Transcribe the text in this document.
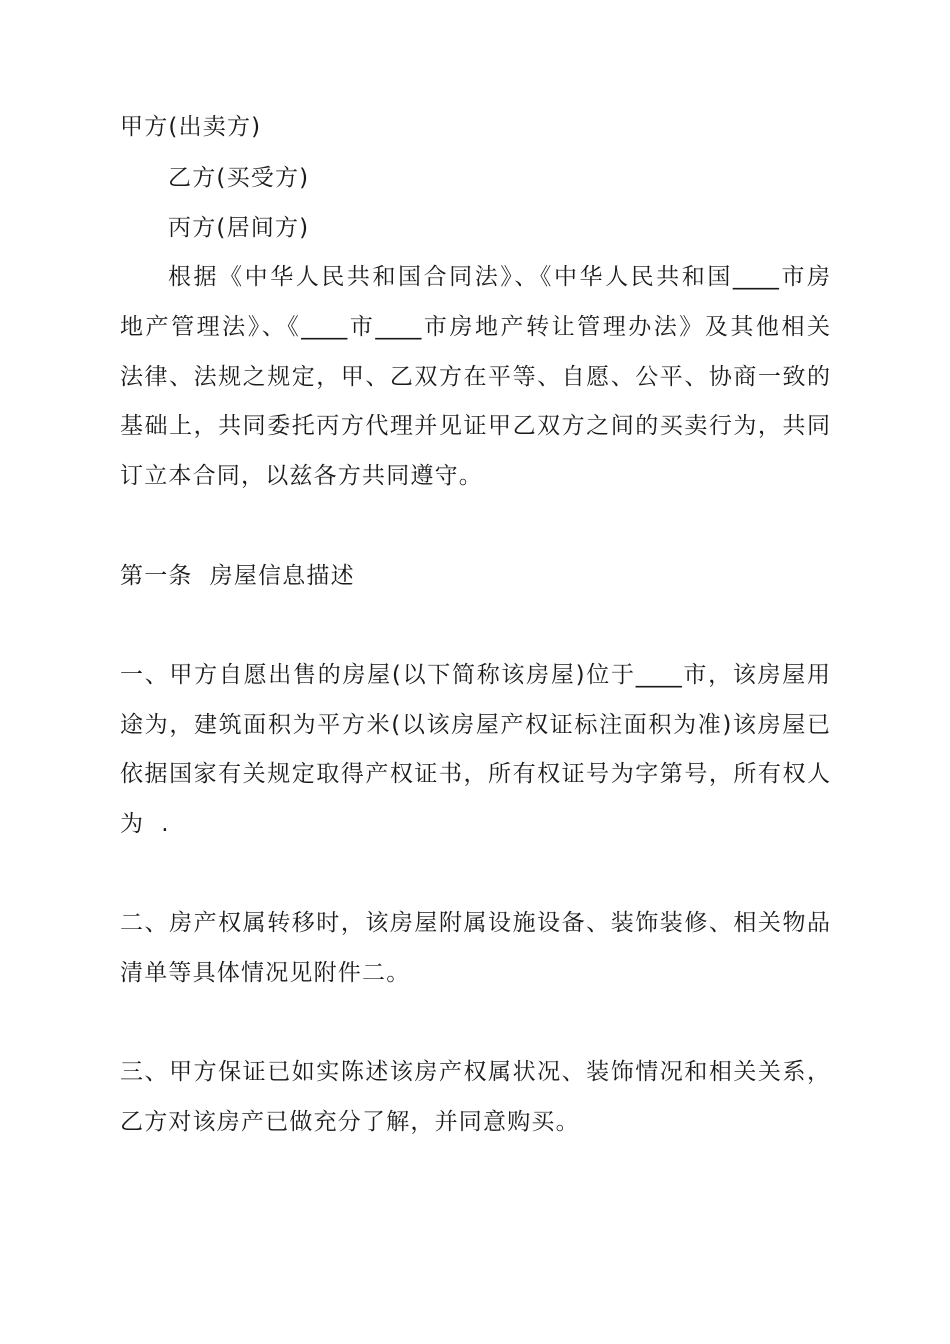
甲方(出卖方)
乙方(买受方)
丙方(居间方)
根据《中华人民共和国合同法》、《中华人民共和国____市房
地产管理法》、《____市____市房地产转让管理办法》及其他相关
法律、法规之规定，甲、乙双方在平等、自愿、公平、协商一致的
基础上，共同委托丙方代理并见证甲乙双方之间的买卖行为，共同
订立本合同，以兹各方共同遵守。
第一条  房屋信息描述
一、甲方自愿出售的房屋(以下简称该房屋)位于____市，该房屋用
途为，建筑面积为平方米(以该房屋产权证标注面积为准)该房屋已
依据国家有关规定取得产权证书，所有权证号为字第号，所有权人
为  .
二、房产权属转移时，该房屋附属设施设备、装饰装修、相关物品
清单等具体情况见附件二。
三、甲方保证已如实陈述该房产权属状况、装饰情况和相关关系，
乙方对该房产已做充分了解，并同意购买。
